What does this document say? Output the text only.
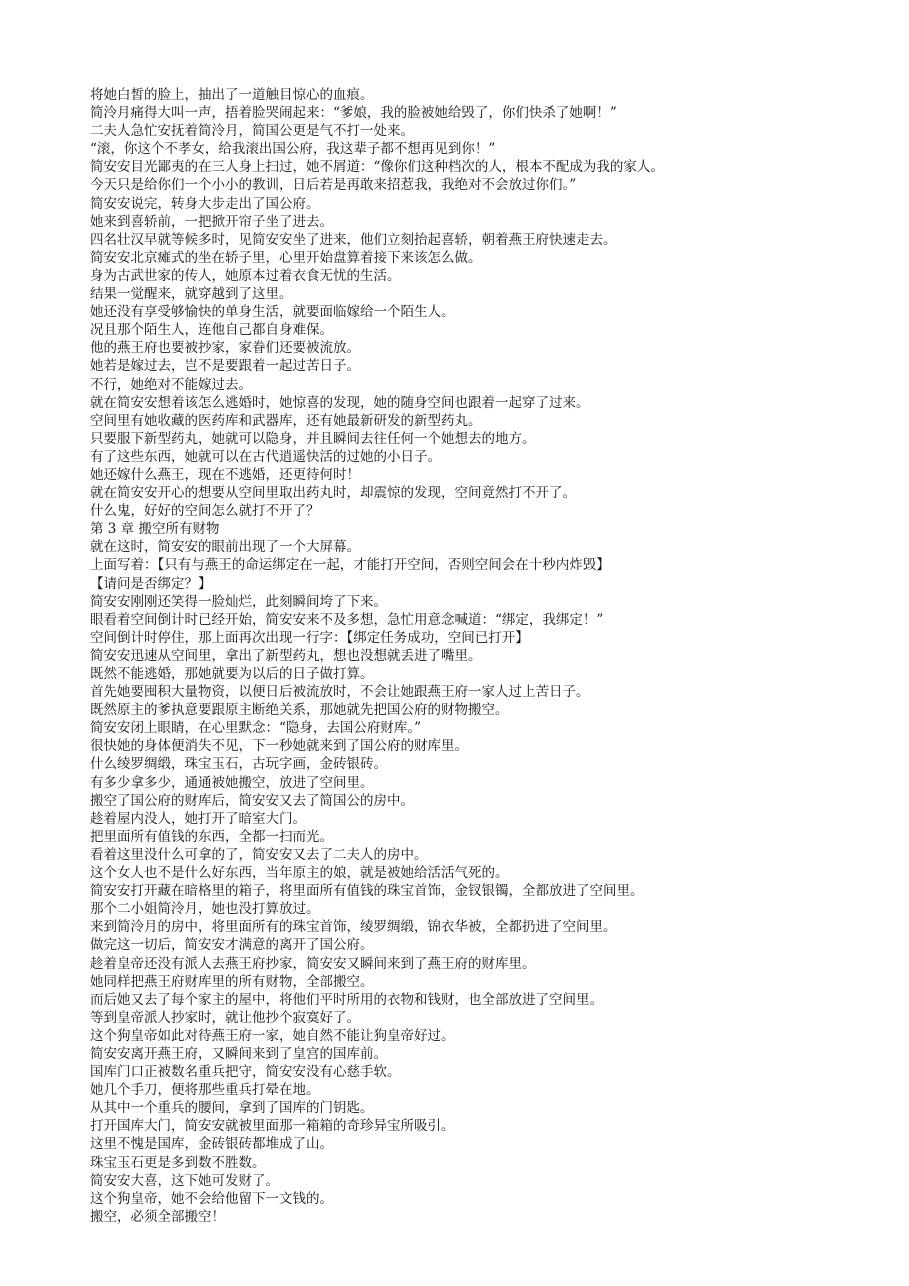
将她白皙的脸上，抽出了一道触目惊心的血痕。
简泠月痛得大叫一声，捂着脸哭闹起来：“爹娘，我的脸被她给毁了，你们快杀了她啊！”
二夫人急忙安抚着简泠月，简国公更是气不打一处来。
“滚，你这个不孝女，给我滚出国公府，我这辈子都不想再见到你！”
简安安目光鄙夷的在三人身上扫过，她不屑道：“像你们这种档次的人，根本不配成为我的家人。
今天只是给你们一个小小的教训，日后若是再敢来招惹我，我绝对不会放过你们。”
简安安说完，转身大步走出了国公府。
她来到喜轿前，一把掀开帘子坐了进去。
四名壮汉早就等候多时，见简安安坐了进来，他们立刻抬起喜轿，朝着燕王府快速走去。
简安安北京瘫式的坐在轿子里，心里开始盘算着接下来该怎么做。
身为古武世家的传人，她原本过着衣食无忧的生活。
结果一觉醒来，就穿越到了这里。
她还没有享受够愉快的单身生活，就要面临嫁给一个陌生人。
况且那个陌生人，连他自己都自身难保。
他的燕王府也要被抄家，家眷们还要被流放。
她若是嫁过去，岂不是要跟着一起过苦日子。
不行，她绝对不能嫁过去。
就在简安安想着该怎么逃婚时，她惊喜的发现，她的随身空间也跟着一起穿了过来。
空间里有她收藏的医药库和武器库，还有她最新研发的新型药丸。
只要服下新型药丸，她就可以隐身，并且瞬间去往任何一个她想去的地方。
有了这些东西，她就可以在古代逍遥快活的过她的小日子。
她还嫁什么燕王，现在不逃婚，还更待何时！
就在简安安开心的想要从空间里取出药丸时，却震惊的发现，空间竟然打不开了。
什么鬼，好好的空间怎么就打不开了？
第 3 章 搬空所有财物
就在这时，简安安的眼前出现了一个大屏幕。
上面写着：【只有与燕王的命运绑定在一起，才能打开空间，否则空间会在十秒内炸毁】
【请问是否绑定？】
简安安刚刚还笑得一脸灿烂，此刻瞬间垮了下来。
眼看着空间倒计时已经开始，简安安来不及多想，急忙用意念喊道：“绑定，我绑定！”
空间倒计时停住，那上面再次出现一行字：【绑定任务成功，空间已打开】
简安安迅速从空间里，拿出了新型药丸，想也没想就丢进了嘴里。
既然不能逃婚，那她就要为以后的日子做打算。
首先她要囤积大量物资，以便日后被流放时，不会让她跟燕王府一家人过上苦日子。
既然原主的爹执意要跟原主断绝关系，那她就先把国公府的财物搬空。
简安安闭上眼睛，在心里默念：“隐身，去国公府财库。”
很快她的身体便消失不见，下一秒她就来到了国公府的财库里。
什么绫罗绸缎，珠宝玉石，古玩字画，金砖银砖。
有多少拿多少，通通被她搬空，放进了空间里。
搬空了国公府的财库后，简安安又去了简国公的房中。
趁着屋内没人，她打开了暗室大门。
把里面所有值钱的东西，全都一扫而光。
看着这里没什么可拿的了，简安安又去了二夫人的房中。
这个女人也不是什么好东西，当年原主的娘，就是被她给活活气死的。
简安安打开藏在暗格里的箱子，将里面所有值钱的珠宝首饰，金钗银镯，全都放进了空间里。
那个二小姐简泠月，她也没打算放过。
来到简泠月的房中，将里面所有的珠宝首饰，绫罗绸缎，锦衣华被，全都扔进了空间里。
做完这一切后，简安安才满意的离开了国公府。
趁着皇帝还没有派人去燕王府抄家，简安安又瞬间来到了燕王府的财库里。
她同样把燕王府财库里的所有财物，全部搬空。
而后她又去了每个家主的屋中，将他们平时所用的衣物和钱财，也全部放进了空间里。
等到皇帝派人抄家时，就让他抄个寂寞好了。
这个狗皇帝如此对待燕王府一家，她自然不能让狗皇帝好过。
简安安离开燕王府，又瞬间来到了皇宫的国库前。
国库门口正被数名重兵把守，简安安没有心慈手软。
她几个手刀，便将那些重兵打晕在地。
从其中一个重兵的腰间，拿到了国库的门钥匙。
打开国库大门，简安安就被里面那一箱箱的奇珍异宝所吸引。
这里不愧是国库，金砖银砖都堆成了山。
珠宝玉石更是多到数不胜数。
简安安大喜，这下她可发财了。
这个狗皇帝，她不会给他留下一文钱的。
搬空，必须全部搬空！
